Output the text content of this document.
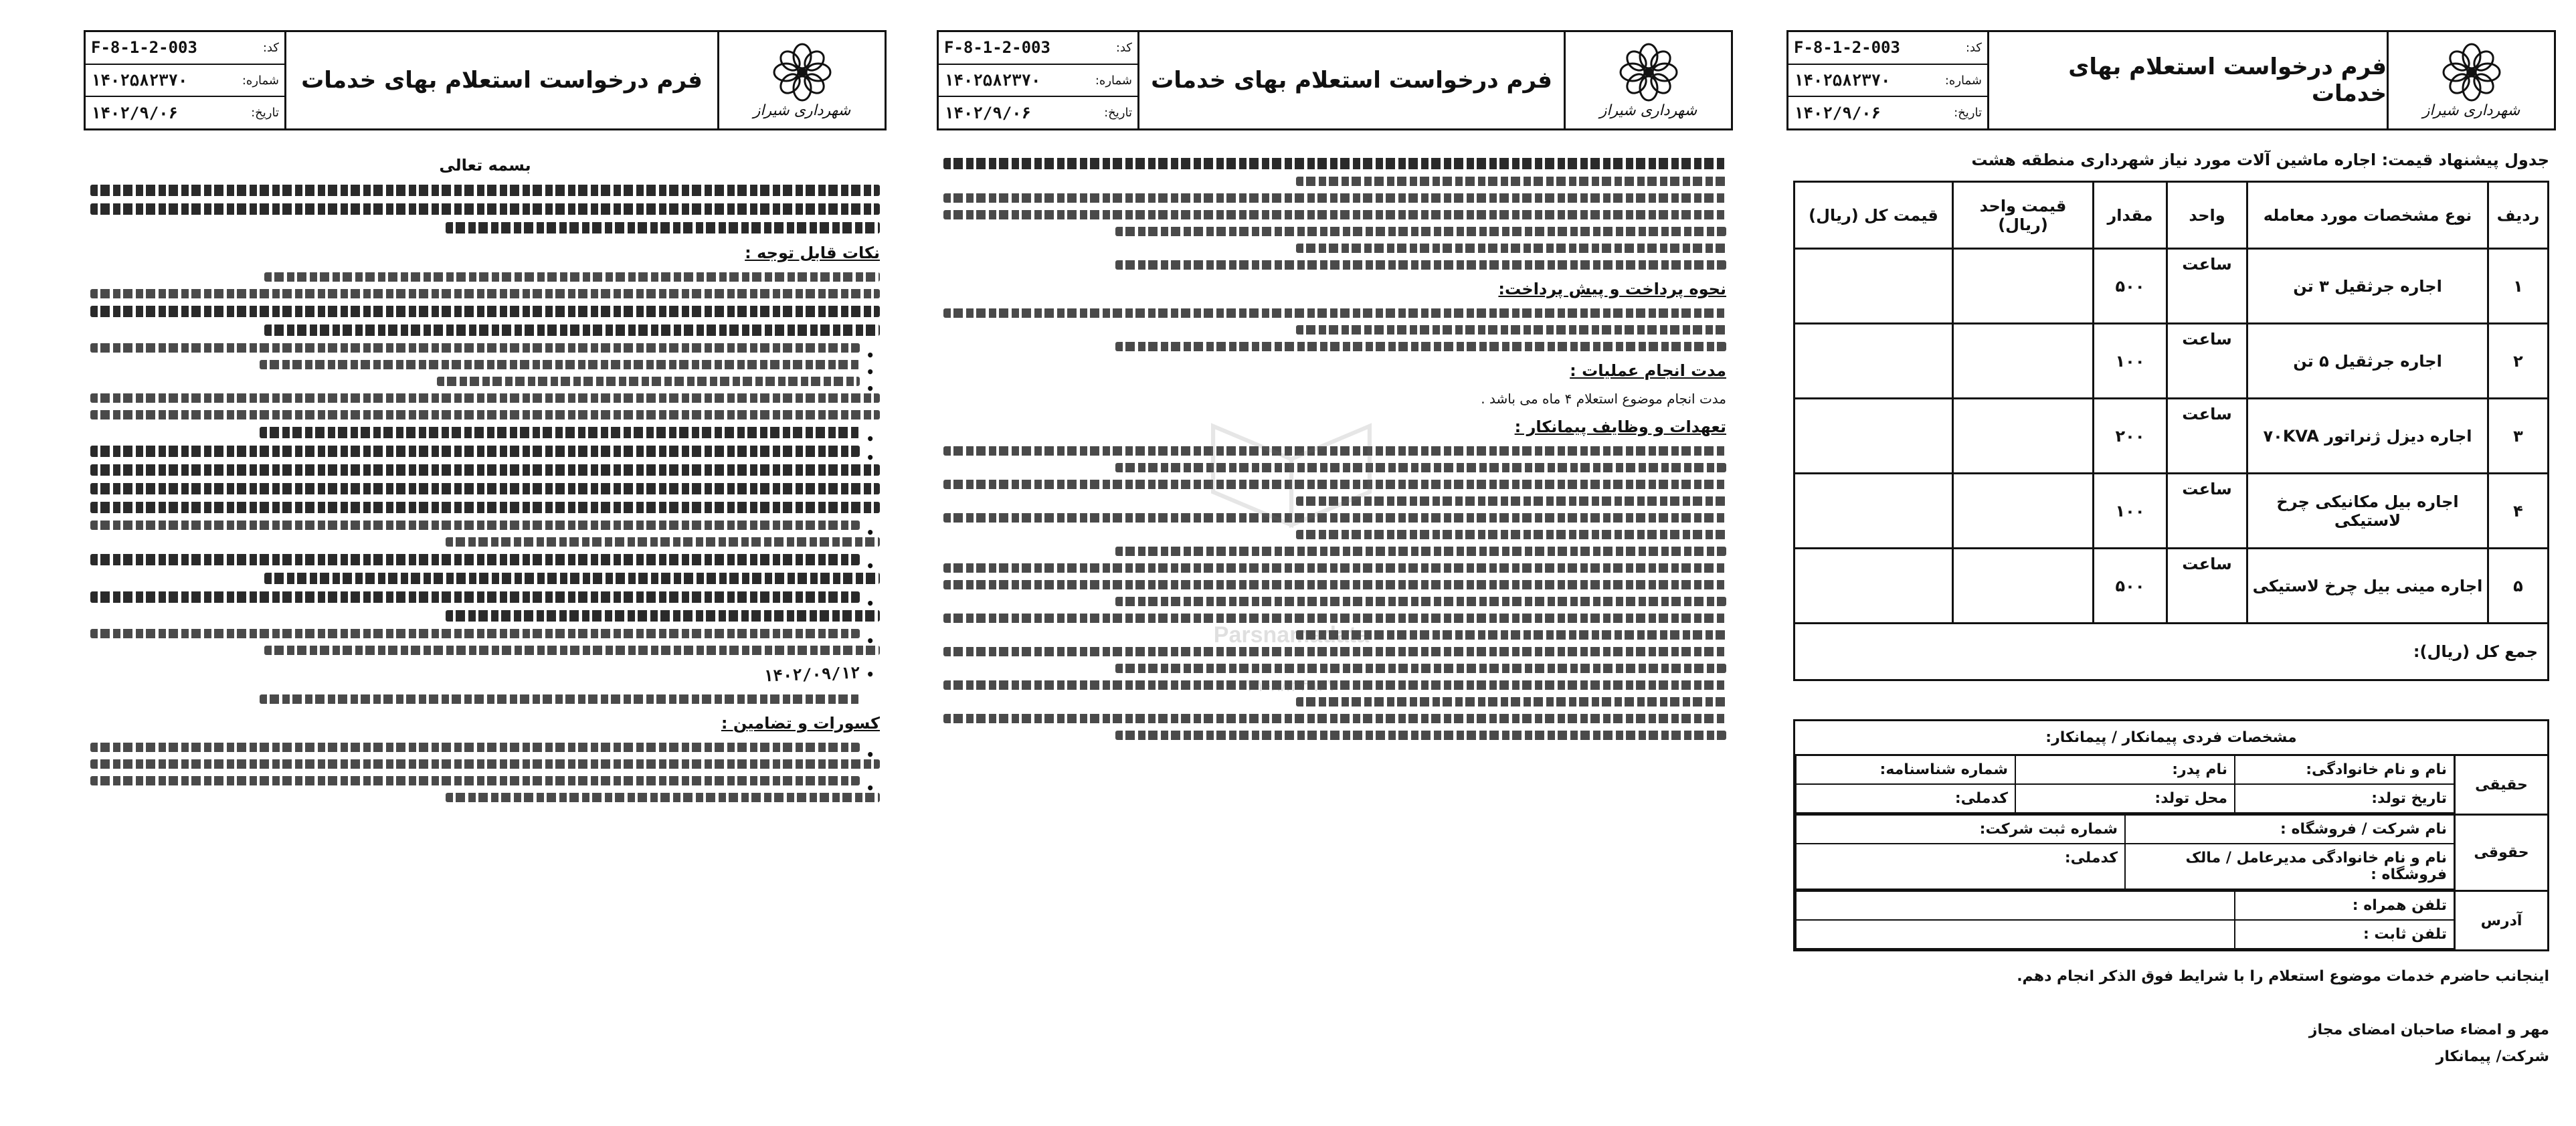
شهرداری شیراز
فرم درخواست استعلام بهای خدمات
F-8-1-2-003	کد:
۱۴۰۲۵۸۲۳۷۰	شماره:
۱۴۰۲/۹/۰۶	تاریخ:
بسمه تعالی
نکات قابل توجه :
•
•
•
•
•
•
•
•
•
• ۱۴۰۲/۰۹/۱۲
کسورات و تضامین :
•
•
شهرداری شیراز
فرم درخواست استعلام بهای خدمات
F-8-1-2-003	کد:
۱۴۰۲۵۸۲۳۷۰	شماره:
۱۴۰۲/۹/۰۶	تاریخ:
نحوه پرداخت و پیش پرداخت:
مدت انجام عملیات :
مدت انجام موضوع استعلام ۴ ماه می باشد .
تعهدات و وظایف پیمانکار :
Parsnamadata
شهرداری شیراز
فرم درخواست استعلام بهای خدمات
F-8-1-2-003	کد:
۱۴۰۲۵۸۲۳۷۰	شماره:
۱۴۰۲/۹/۰۶	تاریخ:
جدول پیشنهاد قیمت: اجاره ماشین آلات مورد نیاز شهرداری منطقه هشت
ردیف	نوع مشخصات مورد معامله	واحد	مقدار	قیمت واحد (ریال)	قیمت کل (ریال)
۱	اجاره جرثقیل ۳ تن	ساعت	۵۰۰		
۲	اجاره جرثقیل ۵ تن	ساعت	۱۰۰		
۳	اجاره دیزل ژنراتور ۷۰KVA	ساعت	۲۰۰		
۴	اجاره بیل مکانیکی چرخ لاستیکی	ساعت	۱۰۰		
۵	اجاره مینی بیل چرخ لاستیکی	ساعت	۵۰۰		
جمع کل (ریال):					
مشخصات فردی پیمانکار / پیمانکار:
حقیقی
نام و نام خانوادگی:
نام پدر:
شماره شناسنامه:
تاریخ تولد:
محل تولد:
کدملی:
حقوقی
نام شرکت / فروشگاه :
شماره ثبت شرکت:
نام و نام خانوادگی مدیرعامل / مالک فروشگاه :
کدملی:
آدرس
تلفن همراه :
تلفن ثابت :
اینجانب حاضرم خدمات موضوع استعلام را با شرایط فوق الذکر انجام دهم.
مهر و امضاء صاحبان امضای مجاز
شرکت/ پیمانکار
